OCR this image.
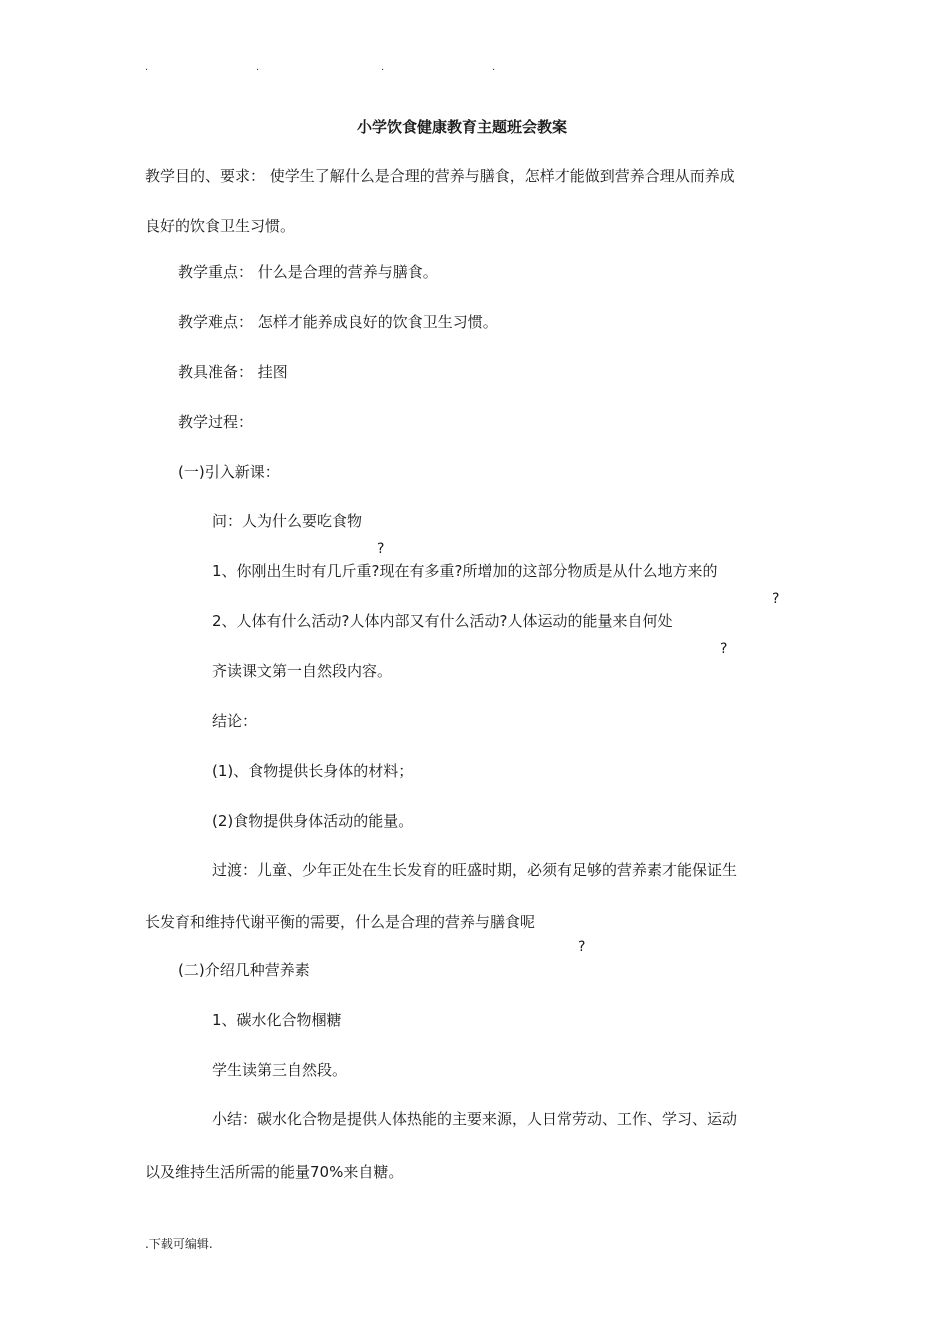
.	.	.	.
小学饮食健康教育主题班会教案
教学目的、要求： 使学生了解什么是合理的营养与膳食，怎样才能做到营养合理从而养成
良好的饮食卫生习惯。
教学重点： 什么是合理的营养与膳食。
教学难点： 怎样才能养成良好的饮食卫生习惯。
教具准备： 挂图
教学过程：
(一)引入新课：
问：人为什么要吃食物
?
1、你刚出生时有几斤重?现在有多重?所增加的这部分物质是从什么地方来的
?
2、人体有什么活动?人体内部又有什么活动?人体运动的能量来自何处
?
齐读课文第一自然段内容。
结论：
(1)、食物提供长身体的材料；
(2)食物提供身体活动的能量。
过渡：儿童、少年正处在生长发育的旺盛时期，必须有足够的营养素才能保证生
长发育和维持代谢平衡的需要，什么是合理的营养与膳食呢
?
(二)介绍几种营养素
1、碳水化合物㮯糖
学生读第三自然段。
小结：碳水化合物是提供人体热能的主要来源，人日常劳动、工作、学习、运动
以及维持生活所需的能量70%来自糖。
.下载可编辑.
